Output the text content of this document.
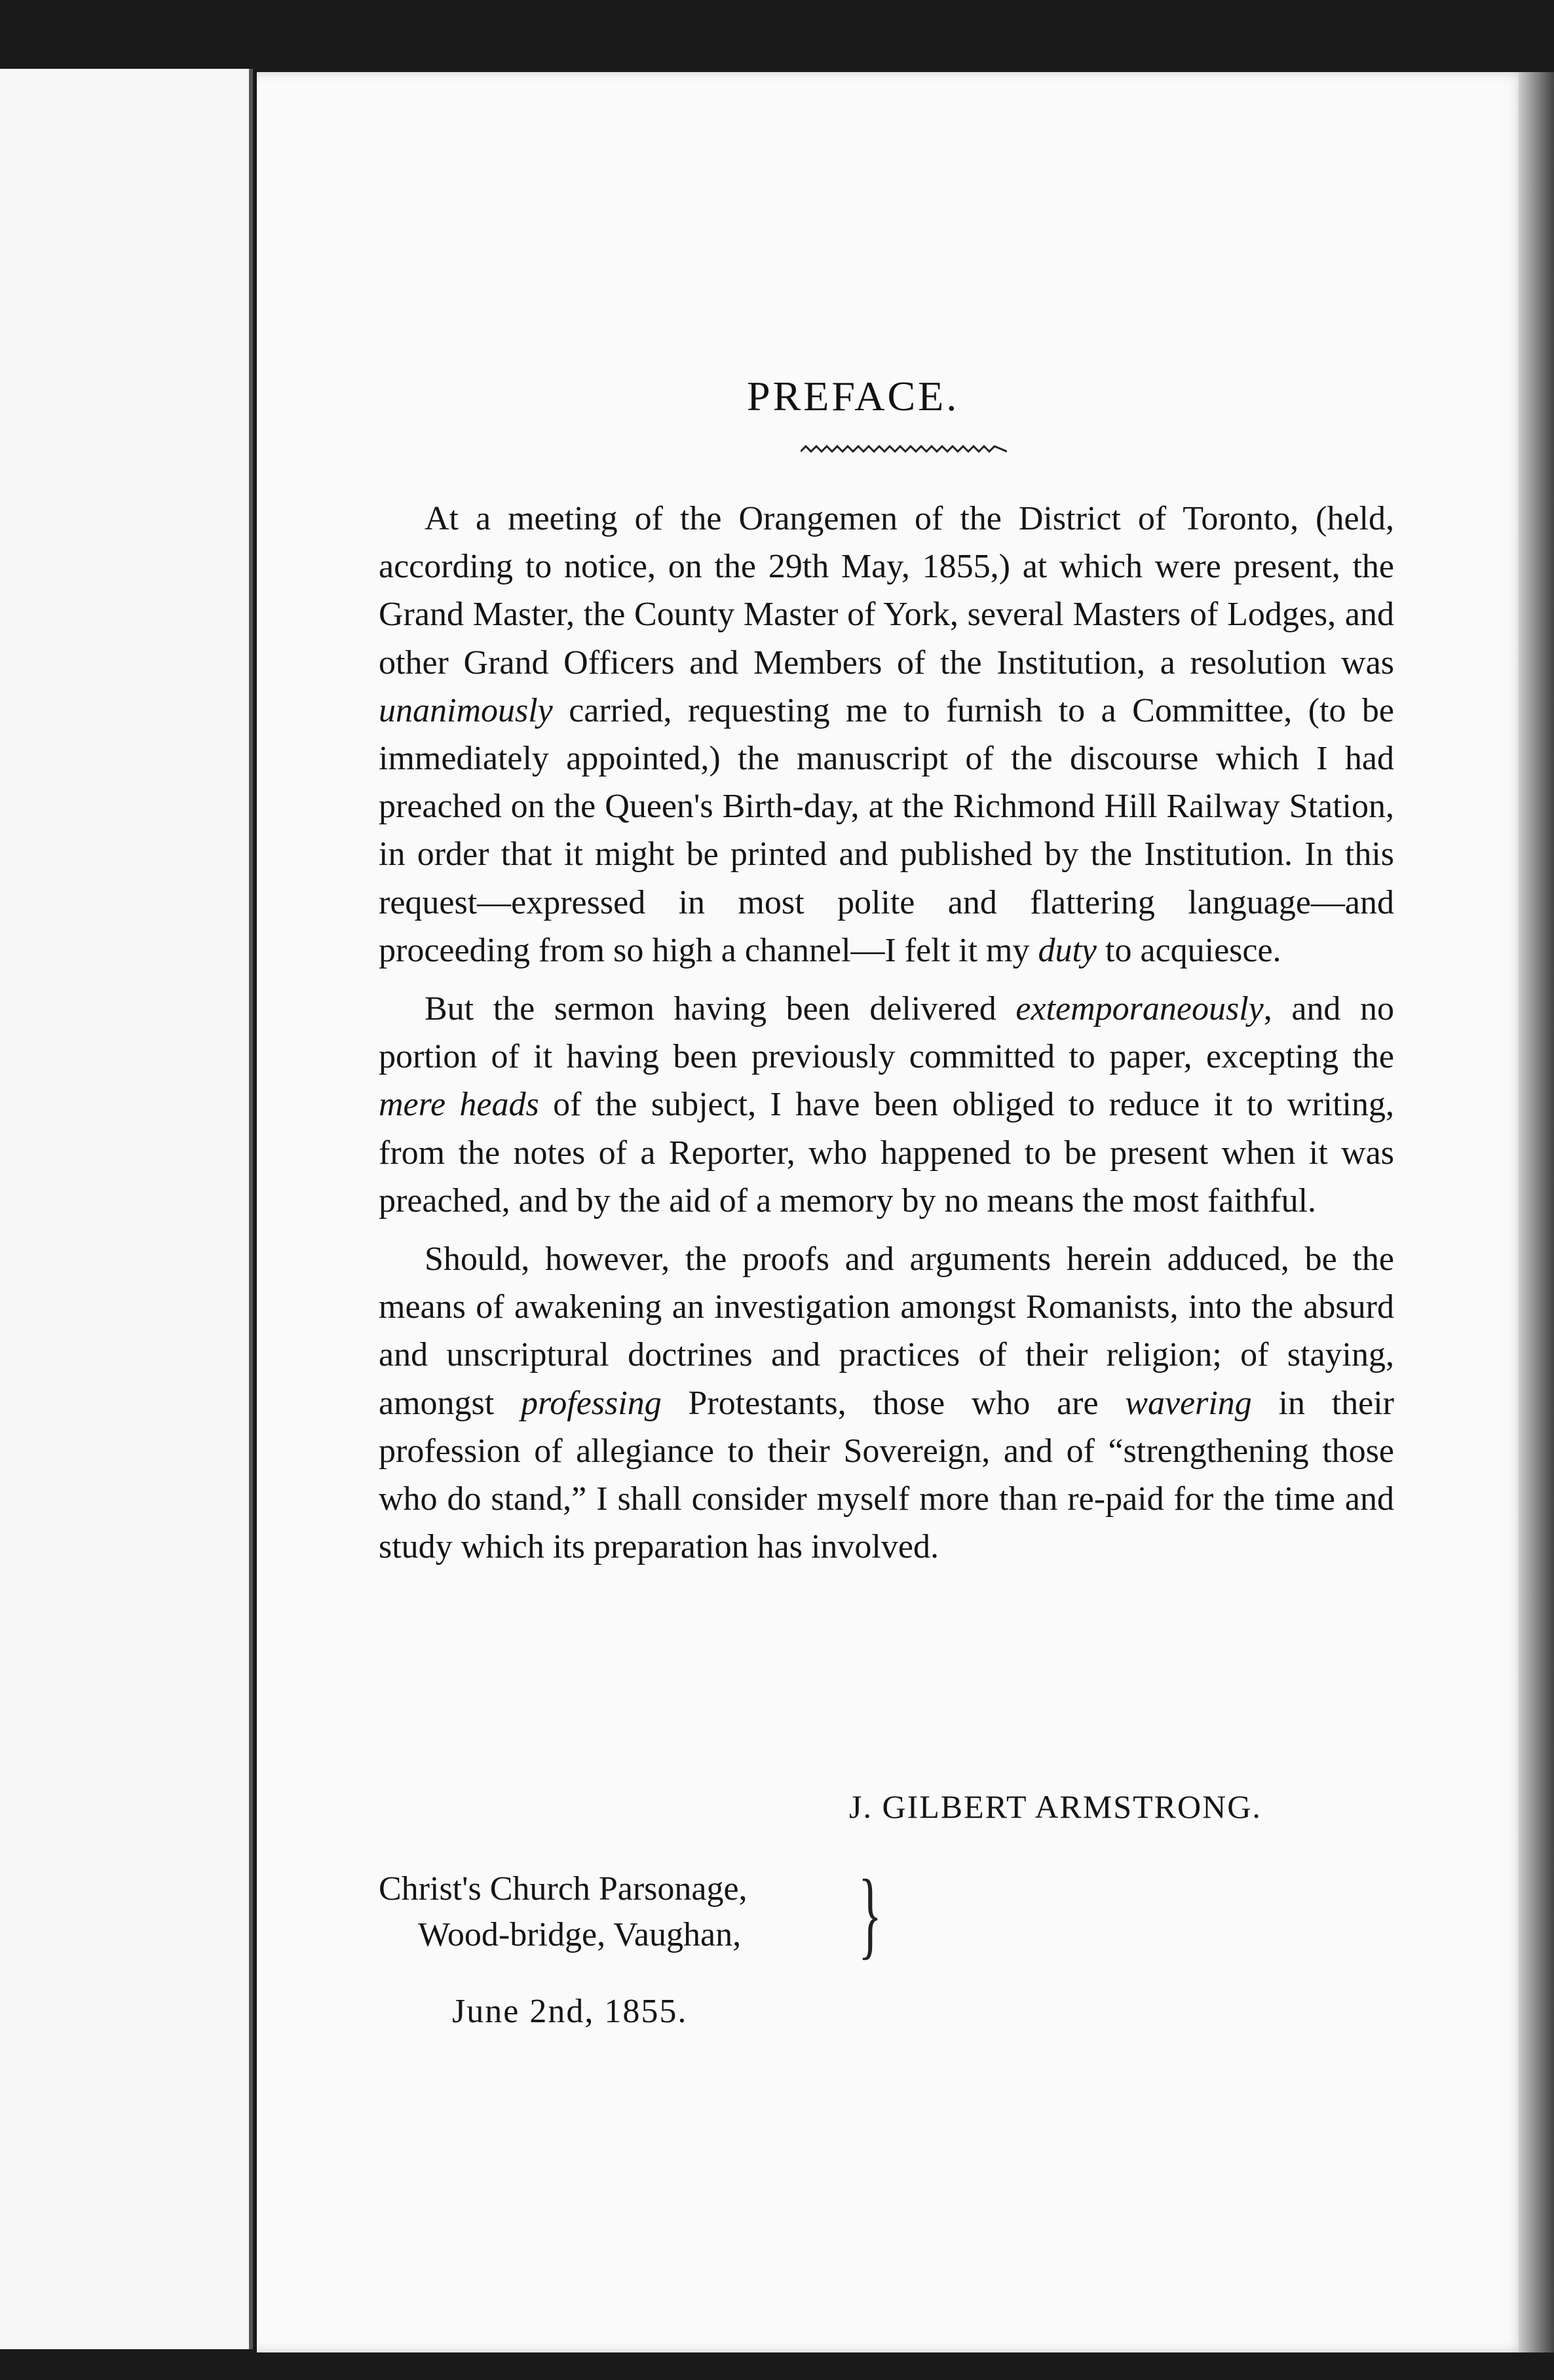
PREFACE.

At a meeting of the Orangemen of the District of Toronto, (held, according to notice, on the 29th May, 1855,) at which were present, the Grand Master, the County Master of York, several Masters of Lodges, and other Grand Officers and Members of the Institution, a resolution was unanimously carried, requesting me to furnish to a Committee, (to be immediately appointed,) the manuscript of the discourse which I had preached on the Queen's Birth-day, at the Richmond Hill Railway Station, in order that it might be printed and published by the Institution. In this request—expressed in most polite and flattering language—and proceeding from so high a channel—I felt it my duty to acquiesce.

But the sermon having been delivered extemporaneously, and no portion of it having been previously committed to paper, excepting the mere heads of the subject, I have been obliged to reduce it to writing, from the notes of a Reporter, who happened to be present when it was preached, and by the aid of a memory by no means the most faithful.

Should, however, the proofs and arguments herein adduced, be the means of awakening an investigation amongst Romanists, into the absurd and unscriptural doctrines and practices of their religion; of staying, amongst professing Protestants, those who are wavering in their profession of allegiance to their Sovereign, and of “strengthening those who do stand,” I shall consider myself more than re-paid for the time and study which its preparation has involved.

J. GILBERT ARMSTRONG.
Christ's Church Parsonage,
Wood-bridge, Vaughan, }
June 2nd, 1855.
